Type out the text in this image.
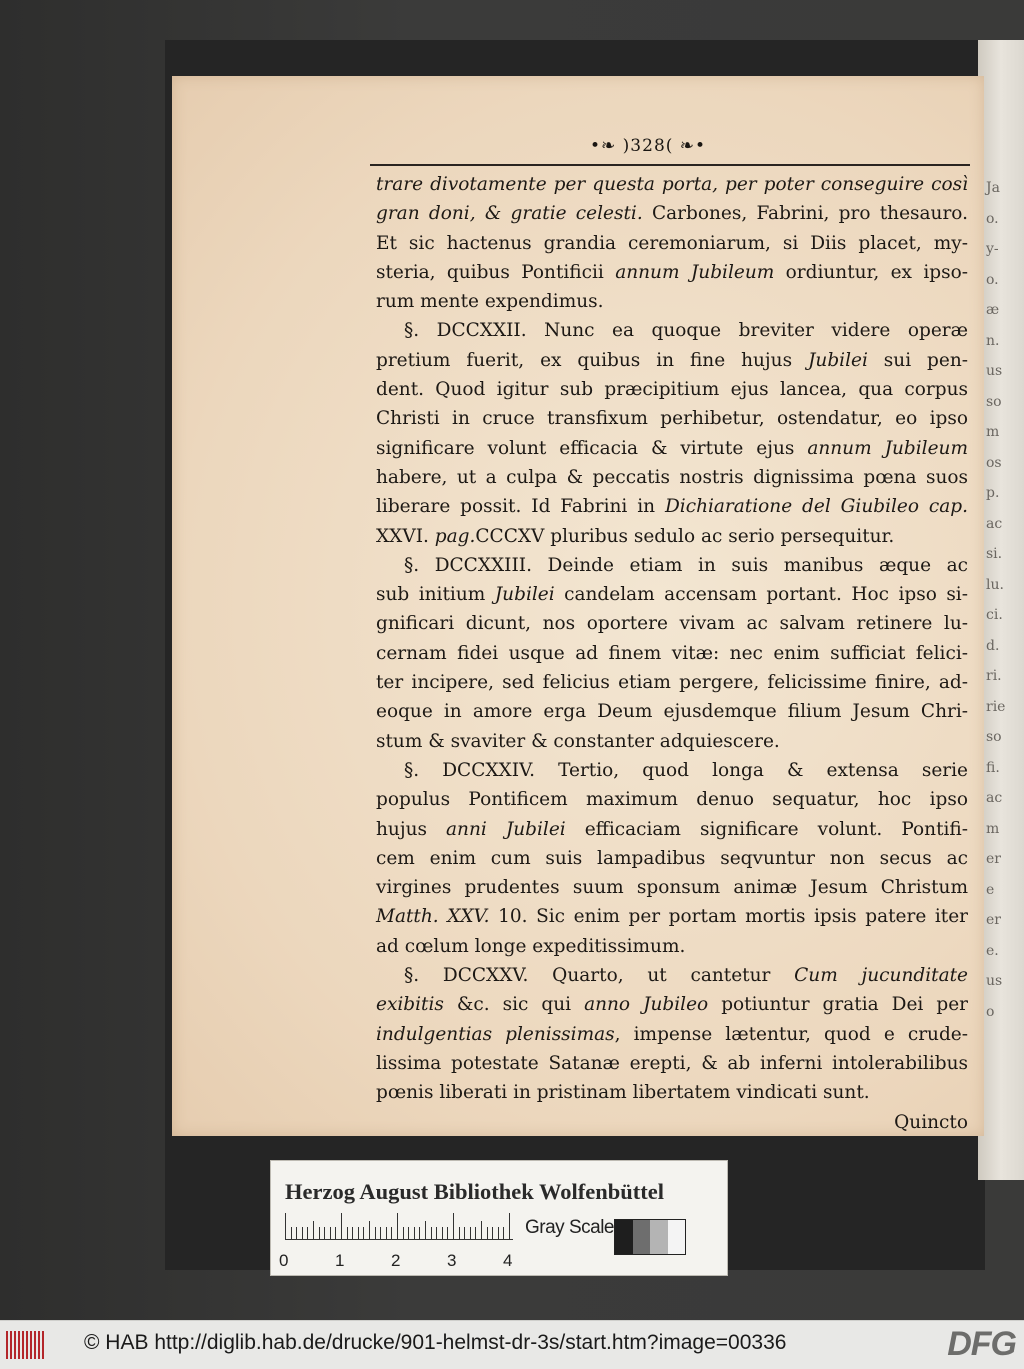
Ja
o.
y-
o.
æ
n.
us
so
m
os
p.
ac
si.
lu.
ci.
d.
ri.
rie
so
fi.
ac
m
er
e
er
e.
us
o
•❧ )328( ❧•
trare divotamente per questa porta, per poter conseguire così
gran doni, & gratie celesti. Carbones, Fabrini, pro thesauro.
Et sic hactenus grandia ceremoniarum, si Diis placet, my-
steria, quibus Pontificii annum Jubileum ordiuntur, ex ipso-
rum mente expendimus.
§. DCCXXII. Nunc ea quoque breviter videre operæ
pretium fuerit, ex quibus in fine hujus Jubilei sui pen-
dent. Quod igitur sub præcipitium ejus lancea, qua corpus
Christi in cruce transfixum perhibetur, ostendatur, eo ipso
significare volunt efficacia & virtute ejus annum Jubileum
habere, ut a culpa & peccatis nostris dignissima pœna suos
liberare possit. Id Fabrini in Dichiaratione del Giubileo cap.
XXVI. pag.CCCXV pluribus sedulo ac serio persequitur.
§. DCCXXIII. Deinde etiam in suis manibus æque ac
sub initium Jubilei candelam accensam portant. Hoc ipso si-
gnificari dicunt, nos oportere vivam ac salvam retinere lu-
cernam fidei usque ad finem vitæ: nec enim sufficiat felici-
ter incipere, sed felicius etiam pergere, felicissime finire, ad-
eoque in amore erga Deum ejusdemque filium Jesum Chri-
stum & svaviter & constanter adquiescere.
§. DCCXXIV. Tertio, quod longa & extensa serie
populus Pontificem maximum denuo sequatur, hoc ipso
hujus anni Jubilei efficaciam significare volunt. Pontifi-
cem enim cum suis lampadibus seqvuntur non secus ac
virgines prudentes suum sponsum animæ Jesum Christum
Matth. XXV. 10. Sic enim per portam mortis ipsis patere iter
ad cœlum longe expeditissimum.
§. DCCXXV. Quarto, ut cantetur Cum jucunditate
exibitis &c. sic qui anno Jubileo potiuntur gratia Dei per
indulgentias plenissimas, impense lætentur, quod e crude-
lissima potestate Satanæ erepti, & ab inferni intolerabilibus
pœnis liberati in pristinam libertatem vindicati sunt.
Quincto
Herzog August Bibliothek Wolfenbüttel
0	1	2	3	4
Gray Scale
© HAB http://diglib.hab.de/drucke/901-helmst-dr-3s/start.htm?image=00336	DFG
